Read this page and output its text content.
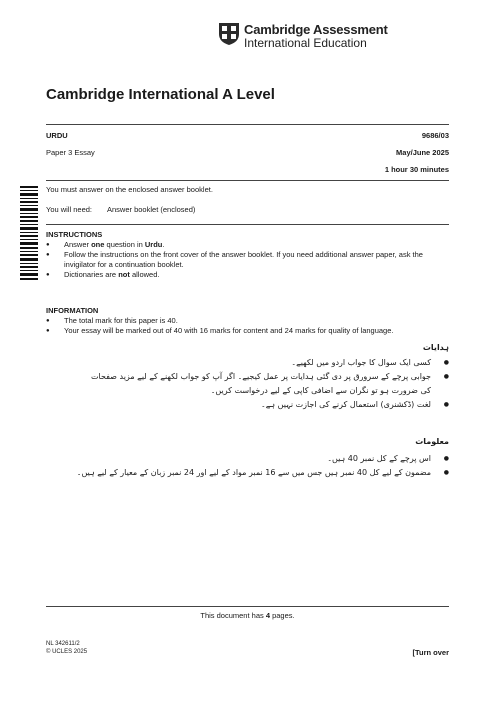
Cambridge Assessment
International Education
Cambridge International A Level
URDU	9686/03
Paper 3 Essay	May/June 2025
1 hour 30 minutes
You must answer on the enclosed answer booklet.
You will need: Answer booklet (enclosed)
INSTRUCTIONS
● Answer one question in Urdu.
● Follow the instructions on the front cover of the answer booklet. If you need additional answer paper, ask the invigilator for a continuation booklet.
● Dictionaries are not allowed.
INFORMATION
● The total mark for this paper is 40.
● Your essay will be marked out of 40 with 16 marks for content and 24 marks for quality of language.
ہدایات
● کسی ایک سوال کا جواب اردو میں لکھیے۔
● جوابی پرچے کے سرورق پر دی گئی ہدایات پر عمل کیجیے۔ اگر آپ کو جواب لکھنے کے لیے مزید صفحات
کی ضرورت ہو تو نگران سے اضافی کاپی کے لیے درخواست کریں۔
● لغت (ڈکشنری) استعمال کرنے کی اجازت نہیں ہے۔
معلومات
● اس پرچے کے کل نمبر 40 ہیں۔
● مضمون کے لیے کل 40 نمبر ہیں جس میں سے 16 نمبر مواد کے لیے اور 24 نمبر زبان کے معیار کے لیے ہیں۔
This document has 4 pages.
NL 342611/2
© UCLES 2025	[Turn over
